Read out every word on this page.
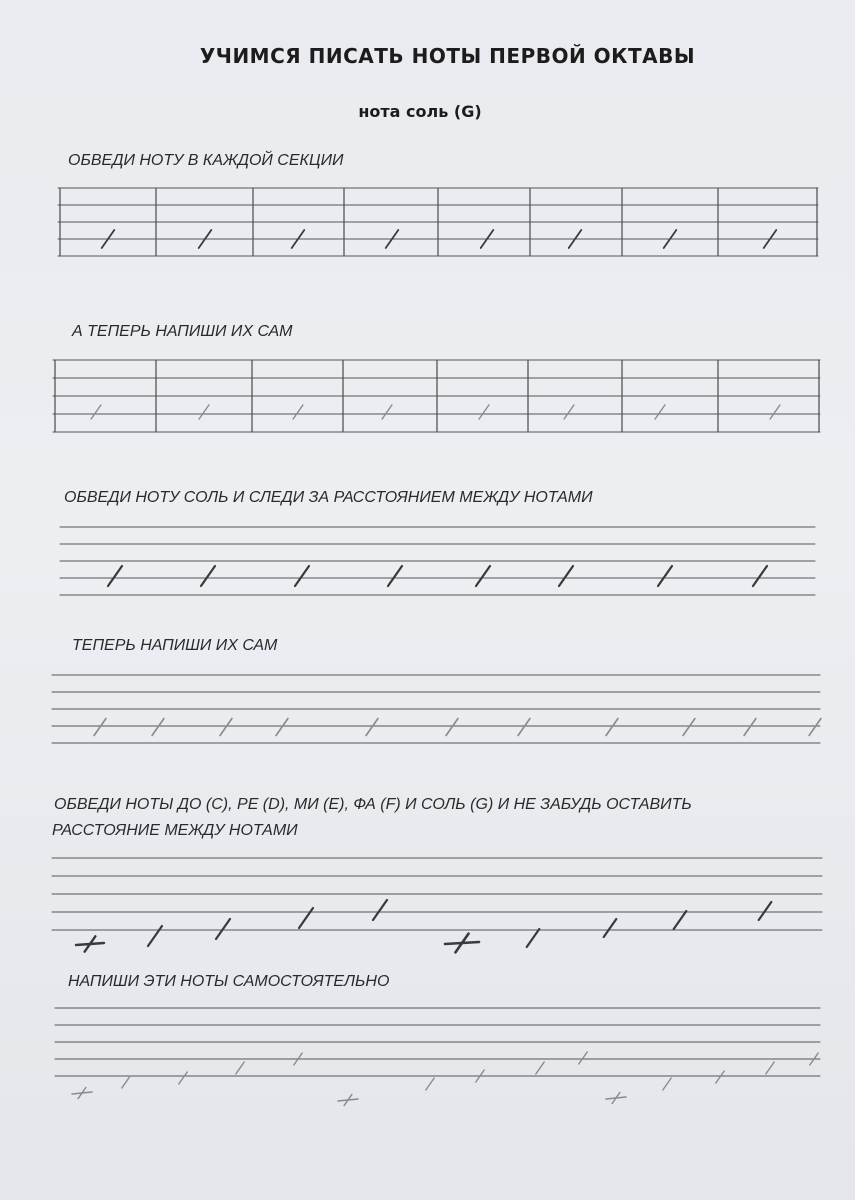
УЧИМСЯ ПИСАТЬ НОТЫ ПЕРВОЙ ОКТАВЫ
нота соль (G)
ОБВЕДИ НОТУ В КАЖДОЙ СЕКЦИИ
А ТЕПЕРЬ НАПИШИ ИХ САМ
ОБВЕДИ НОТУ СОЛЬ И СЛЕДИ ЗА РАССТОЯНИЕМ МЕЖДУ НОТАМИ
ТЕПЕРЬ НАПИШИ ИХ САМ
ОБВЕДИ НОТЫ ДО (C), РЕ (D), МИ (E), ФА (F) И СОЛЬ (G) И НЕ ЗАБУДЬ ОСТАВИТЬ
РАССТОЯНИЕ МЕЖДУ НОТАМИ
НАПИШИ ЭТИ НОТЫ САМОСТОЯТЕЛЬНО
